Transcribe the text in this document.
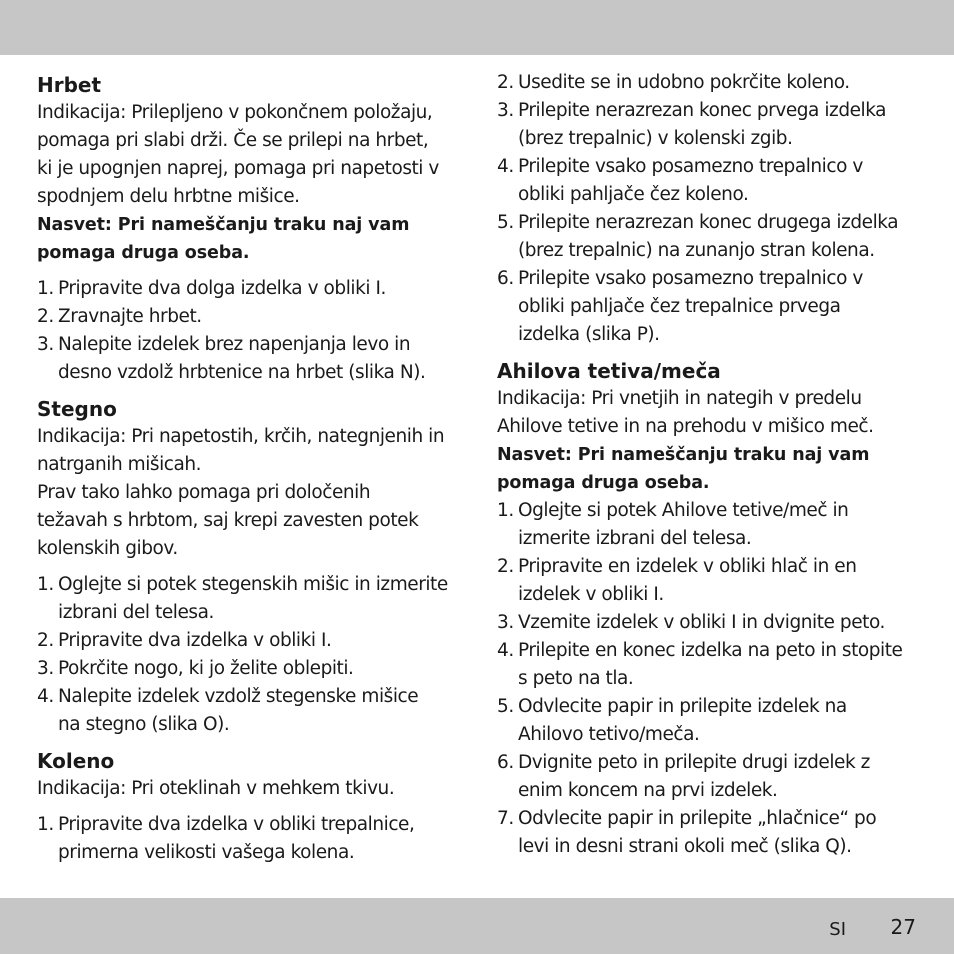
Hrbet

Indikacija: Prilepljeno v pokončnem položaju,
pomaga pri slabi drži. Če se prilepi na hrbet,
ki je upognjen naprej, pomaga pri napetosti v
spodnjem delu hrbtne mišice.

Nasvet: Pri nameščanju traku naj vam
pomaga druga oseba.

1. Pripravite dva dolga izdelka v obliki I.
2. Zravnajte hrbet.
3. Nalepite izdelek brez napenjanja levo in
desno vzdolž hrbtenice na hrbet (slika N).
Stegno

Indikacija: Pri napetostih, krčih, nategnjenih in
natrganih mišicah.
Prav tako lahko pomaga pri določenih
težavah s hrbtom, saj krepi zavesten potek
kolenskih gibov.

1. Oglejte si potek stegenskih mišic in izmerite
izbrani del telesa.
2. Pripravite dva izdelka v obliki I.
3. Pokrčite nogo, ki jo želite oblepiti.
4. Nalepite izdelek vzdolž stegenske mišice
na stegno (slika O).
Koleno

Indikacija: Pri oteklinah v mehkem tkivu.

1. Pripravite dva izdelka v obliki trepalnice,
primerna velikosti vašega kolena.
2. Usedite se in udobno pokrčite koleno.
3. Prilepite nerazrezan konec prvega izdelka
(brez trepalnic) v kolenski zgib.
4. Prilepite vsako posamezno trepalnico v
obliki pahljače čez koleno.
5. Prilepite nerazrezan konec drugega izdelka
(brez trepalnic) na zunanjo stran kolena.
6. Prilepite vsako posamezno trepalnico v
obliki pahljače čez trepalnice prvega
izdelka (slika P).
Ahilova tetiva/meča

Indikacija: Pri vnetjih in nategih v predelu
Ahilove tetive in na prehodu v mišico meč.

Nasvet: Pri nameščanju traku naj vam
pomaga druga oseba.

1. Oglejte si potek Ahilove tetive/meč in
izmerite izbrani del telesa.
2. Pripravite en izdelek v obliki hlač in en
izdelek v obliki I.
3. Vzemite izdelek v obliki I in dvignite peto.
4. Prilepite en konec izdelka na peto in stopite
s peto na tla.
5. Odvlecite papir in prilepite izdelek na
Ahilovo tetivo/meča.
6. Dvignite peto in prilepite drugi izdelek z
enim koncem na prvi izdelek.
7. Odvlecite papir in prilepite „hlačnice“ po
levi in desni strani okoli meč (slika Q).
SI 27
